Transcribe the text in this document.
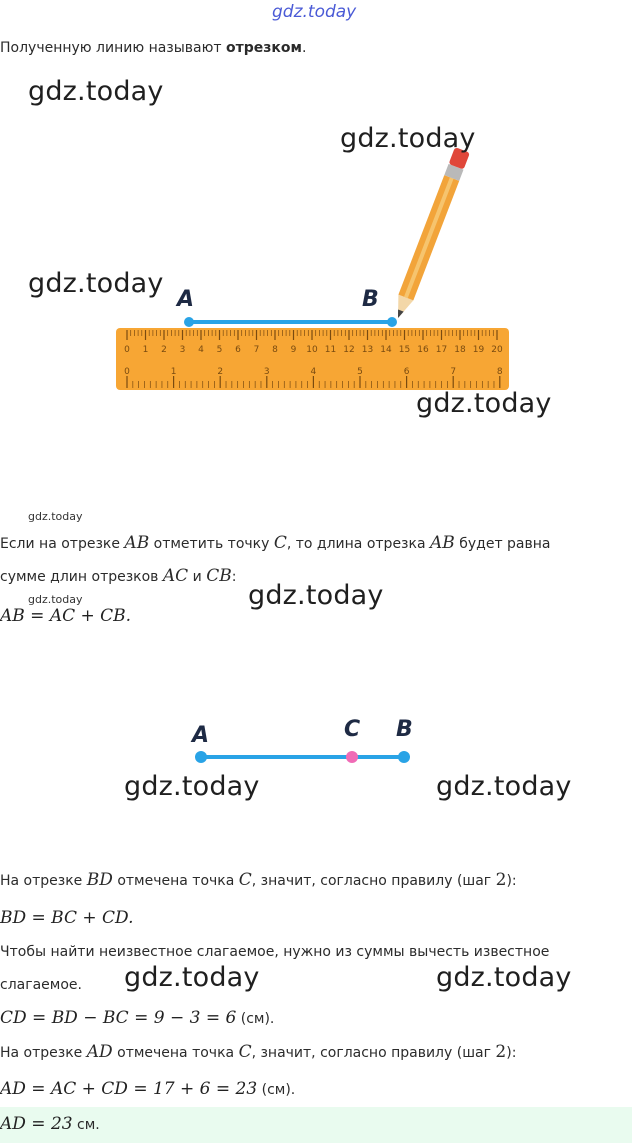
gdz.today
Полученную линию называют отрезком.
0 1 2 3 4 5 6 7 8 9 10 11 12 13 14 15 16 17 18 19 20
0	1	2	3	4	5	6	7	8
A	B
gdz.today
gdz.today
gdz.today
gdz.today
gdz.today
Если на отрезке AB отметить точку C, то длина отрезка AB будет равна
сумме длин отрезков AC и CB:
gdz.today
AB = AC + CB.
gdz.today
A	C B
gdz.today	gdz.today
На отрезке BD отмечена точка C, значит, согласно правилу (шаг 2):
BD = BC + CD.
Чтобы найти неизвестное слагаемое, нужно из суммы вычесть известное
слагаемое. gdz.today	gdz.today
CD = BD − BC = 9 − 3 = 6 (см).
На отрезке AD отмечена точка C, значит, согласно правилу (шаг 2):
AD = AC + CD = 17 + 6 = 23 (см).
AD = 23 см.
